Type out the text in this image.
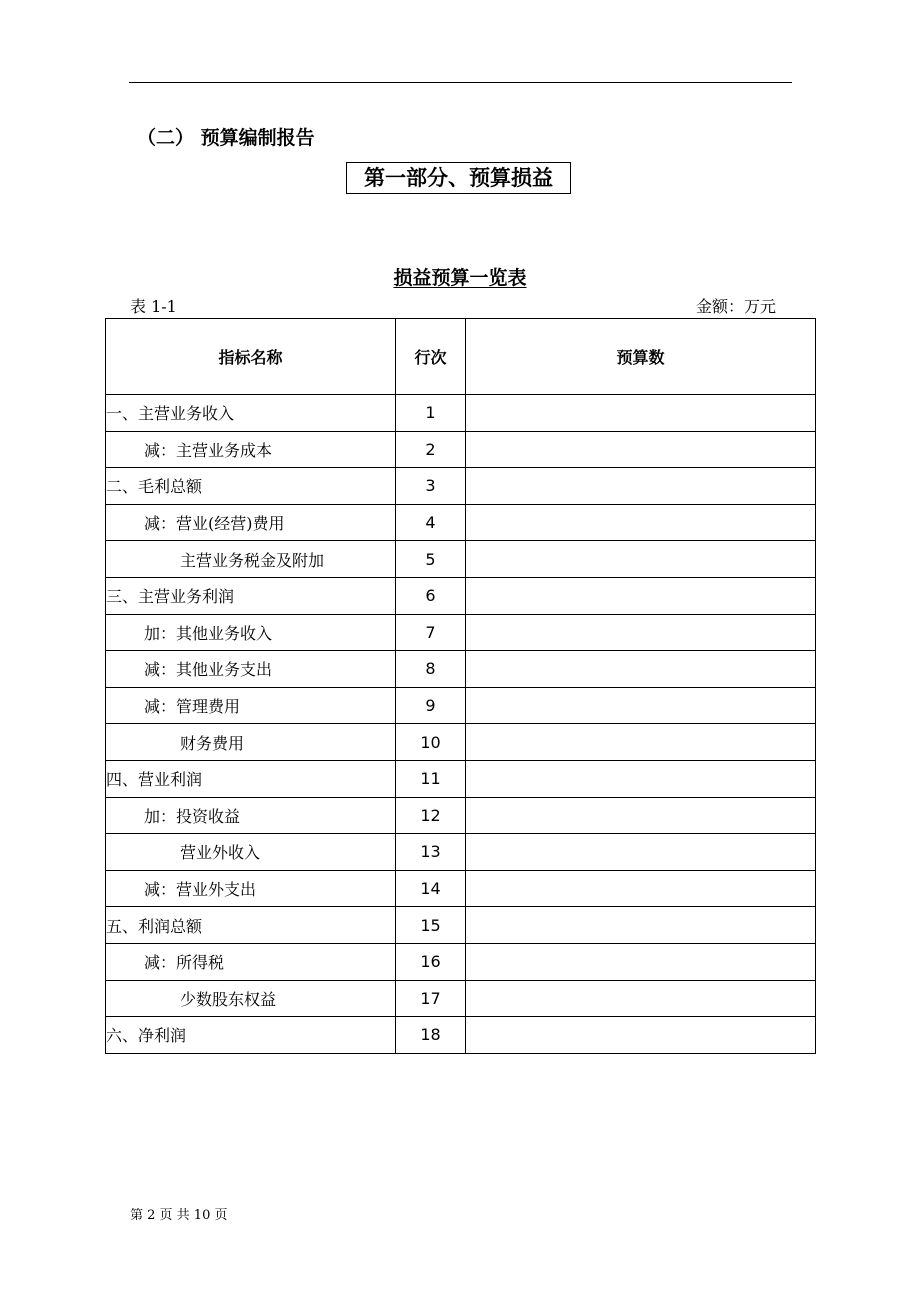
（二） 预算编制报告
第一部分、预算损益
损益预算一览表
表 1-1	金额：万元
指标名称	行次	预算数
一、主营业务收入	1	
减：主营业务成本	2	
二、毛利总额	3	
减：营业(经营)费用	4	
主营业务税金及附加	5	
三、主营业务利润	6	
加：其他业务收入	7	
减：其他业务支出	8	
减：管理费用	9	
财务费用	10	
四、营业利润	11	
加：投资收益	12	
营业外收入	13	
减：营业外支出	14	
五、利润总额	15	
减：所得税	16	
少数股东权益	17	
六、净利润	18	
第 2 页 共 10 页
